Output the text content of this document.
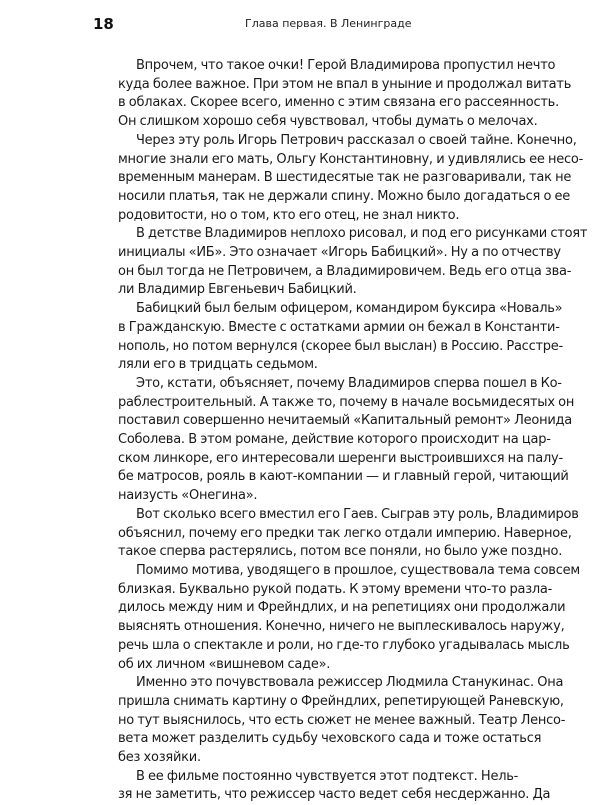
18	Глава первая. В Ленинграде

Впрочем, что такое очки! Герой Владимирова пропустил нечто
куда более важное. При этом не впал в уныние и продолжал витать
в облаках. Скорее всего, именно с этим связана его рассеянность.
Он слишком хорошо себя чувствовал, чтобы думать о мелочах.

Через эту роль Игорь Петрович рассказал о своей тайне. Конечно,
многие знали его мать, Ольгу Константиновну, и удивлялись ее несо-
временным манерам. В шестидесятые так не разговаривали, так не
носили платья, так не держали спину. Можно было догадаться о ее
родовитости, но о том, кто его отец, не знал никто.

В детстве Владимиров неплохо рисовал, и под его рисунками стоят
инициалы «ИБ». Это означает «Игорь Бабицкий». Ну а по отчеству
он был тогда не Петровичем, а Владимировичем. Ведь его отца зва-
ли Владимир Евгеньевич Бабицкий.

Бабицкий был белым офицером, командиром буксира «Новаль»
в Гражданскую. Вместе с остатками армии он бежал в Константи-
нополь, но потом вернулся (скорее был выслан) в Россию. Расстре-
ляли его в тридцать седьмом.

Это, кстати, объясняет, почему Владимиров сперва пошел в Ко-
раблестроительный. А также то, почему в начале восьмидесятых он
поставил совершенно нечитаемый «Капитальный ремонт» Леонида
Соболева. В этом романе, действие которого происходит на цар-
ском линкоре, его интересовали шеренги выстроившихся на палу-
бе матросов, рояль в кают-компании — и главный герой, читающий
наизусть «Онегина».

Вот сколько всего вместил его Гаев. Сыграв эту роль, Владимиров
объяснил, почему его предки так легко отдали империю. Наверное,
такое сперва растерялись, потом все поняли, но было уже поздно.

Помимо мотива, уводящего в прошлое, существовала тема совсем
близкая. Буквально рукой подать. К этому времени что-то разла-
дилось между ним и Фрейндлих, и на репетициях они продолжали
выяснять отношения. Конечно, ничего не выплескивалось наружу,
речь шла о спектакле и роли, но где-то глубоко угадывалась мысль
об их личном «вишневом саде».

Именно это почувствовала режиссер Людмила Станукинас. Она
пришла снимать картину о Фрейндлих, репетирующей Раневскую,
но тут выяснилось, что есть сюжет не менее важный. Театр Ленсо-
вета может разделить судьбу чеховского сада и тоже остаться
без хозяйки.

В ее фильме постоянно чувствуется этот подтекст. Нель-
зя не заметить, что режиссер часто ведет себя несдержанно. Да
